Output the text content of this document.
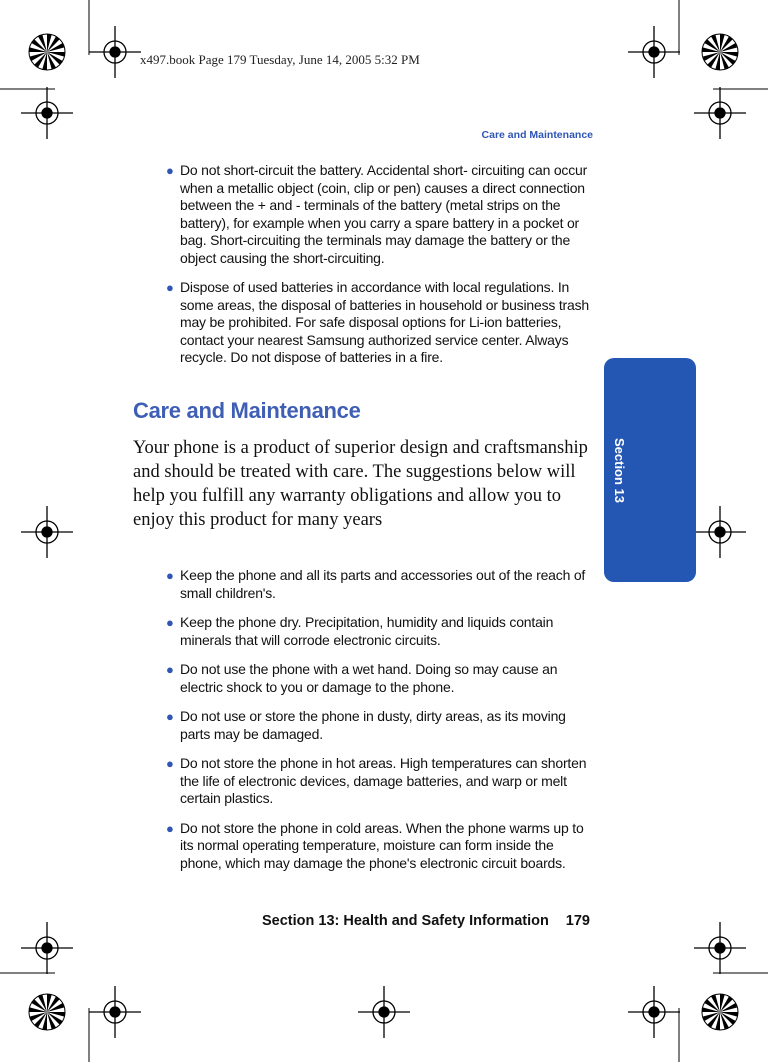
x497.book Page 179 Tuesday, June 14, 2005 5:32 PM
Care and Maintenance
Section 13
● Do not short-circuit the battery. Accidental short- circuiting can occur when a metallic object (coin, clip or pen) causes a direct connection between the + and - terminals of the battery (metal strips on the battery), for example when you carry a spare battery in a pocket or bag. Short-circuiting the terminals may damage the battery or the object causing the short-circuiting.
● Dispose of used batteries in accordance with local regulations. In some areas, the disposal of batteries in household or business trash may be prohibited. For safe disposal options for Li-ion batteries, contact your nearest Samsung authorized service center. Always recycle. Do not dispose of batteries in a fire.
Care and Maintenance
Your phone is a product of superior design and craftsmanship and should be treated with care. The suggestions below will help you fulfill any warranty obligations and allow you to enjoy this product for many years
● Keep the phone and all its parts and accessories out of the reach of small children's.
● Keep the phone dry. Precipitation, humidity and liquids contain minerals that will corrode electronic circuits.
● Do not use the phone with a wet hand. Doing so may cause an electric shock to you or damage to the phone.
● Do not use or store the phone in dusty, dirty areas, as its moving parts may be damaged.
● Do not store the phone in hot areas. High temperatures can shorten the life of electronic devices, damage batteries, and warp or melt certain plastics.
● Do not store the phone in cold areas. When the phone warms up to its normal operating temperature, moisture can form inside the phone, which may damage the phone's electronic circuit boards.
Section 13: Health and Safety Information 179
